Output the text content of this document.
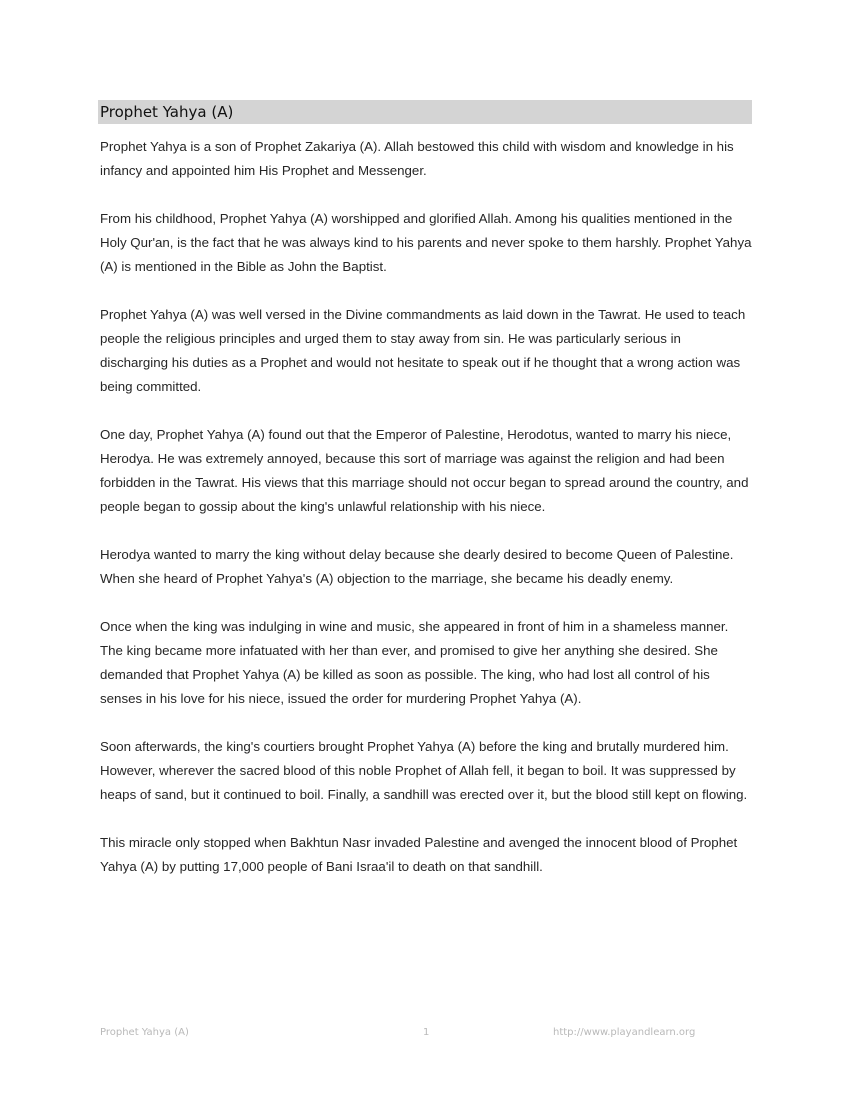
Prophet Yahya (A)

Prophet Yahya is a son of Prophet Zakariya (A). Allah bestowed this child with wisdom and knowledge in his infancy and appointed him His Prophet and Messenger.

From his childhood, Prophet Yahya (A) worshipped and glorified Allah. Among his qualities mentioned in the Holy Qur'an, is the fact that he was always kind to his parents and never spoke to them harshly. Prophet Yahya (A) is mentioned in the Bible as John the Baptist.

Prophet Yahya (A) was well versed in the Divine commandments as laid down in the Tawrat. He used to teach people the religious principles and urged them to stay away from sin. He was particularly serious in discharging his duties as a Prophet and would not hesitate to speak out if he thought that a wrong action was being committed.

One day, Prophet Yahya (A) found out that the Emperor of Palestine, Herodotus, wanted to marry his niece, Herodya. He was extremely annoyed, because this sort of marriage was against the religion and had been forbidden in the Tawrat. His views that this marriage should not occur began to spread around the country, and people began to gossip about the king's unlawful relationship with his niece.

Herodya wanted to marry the king without delay because she dearly desired to become Queen of Palestine. When she heard of Prophet Yahya's (A) objection to the marriage, she became his deadly enemy.

Once when the king was indulging in wine and music, she appeared in front of him in a shameless manner. The king became more infatuated with her than ever, and promised to give her anything she desired. She demanded that Prophet Yahya (A) be killed as soon as possible. The king, who had lost all control of his senses in his love for his niece, issued the order for murdering Prophet Yahya (A).

Soon afterwards, the king's courtiers brought Prophet Yahya (A) before the king and brutally murdered him. However, wherever the sacred blood of this noble Prophet of Allah fell, it began to boil. It was suppressed by heaps of sand, but it continued to boil. Finally, a sandhill was erected over it, but the blood still kept on flowing.

This miracle only stopped when Bakhtun Nasr invaded Palestine and avenged the innocent blood of Prophet Yahya (A) by putting 17,000 people of Bani Israa'il to death on that sandhill.

Prophet Yahya (A)	1	http://www.playandlearn.org
